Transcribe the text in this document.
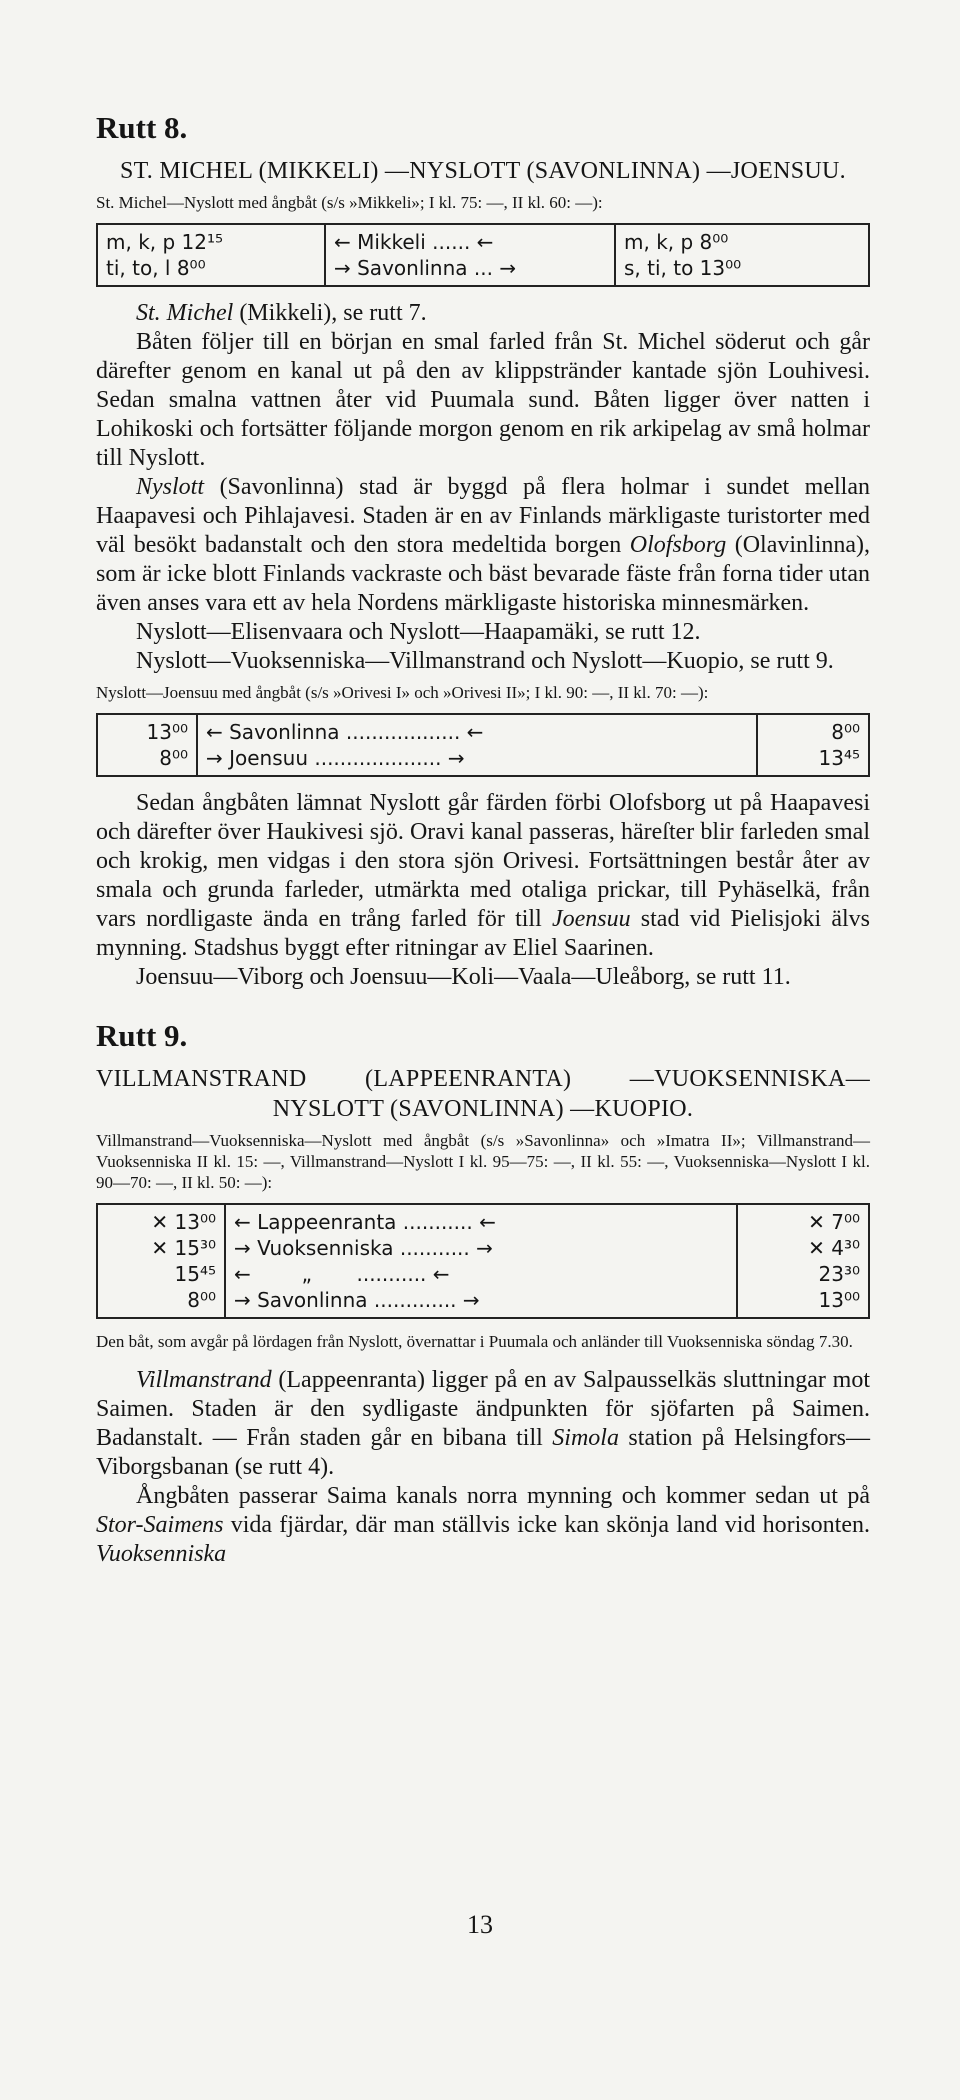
Rutt 8.
ST. MICHEL (MIKKELI) —NYSLOTT (SAVONLINNA) —JOENSUU.
St. Michel—Nyslott med ångbåt (s/s »Mikkeli»; I kl. 75: —, II kl. 60: —):
m, k, p 12¹⁵
ti, to, l 8⁰⁰
← Mikkeli ...... ←
→ Savonlinna ... →
m, k, p 8⁰⁰
s, ti, to 13⁰⁰

St. Michel (Mikkeli), se rutt 7.

Båten följer till en början en smal farled från St. Michel söderut och går därefter genom en kanal ut på den av klippstränder kantade sjön Louhivesi. Sedan smalna vattnen åter vid Puumala sund. Båten ligger över natten i Lohikoski och fortsätter följande morgon genom en rik arkipelag av små holmar till Nyslott.

Nyslott (Savonlinna) stad är byggd på flera holmar i sundet mellan Haapavesi och Pihlajavesi. Staden är en av Finlands märkligaste turistorter med väl besökt badanstalt och den stora medeltida borgen Olofsborg (Olavinlinna), som är icke blott Finlands vackraste och bäst bevarade fäste från forna tider utan även anses vara ett av hela Nordens märkligaste historiska minnesmärken.

Nyslott—Elisenvaara och Nyslott—Haapamäki, se rutt 12.

Nyslott—Vuoksenniska—Villmanstrand och Nyslott—Kuopio, se rutt 9.

Nyslott—Joensuu med ångbåt (s/s »Orivesi I» och »Orivesi II»; I kl. 90: —, II kl. 70: —):
13⁰⁰
8⁰⁰
← Savonlinna .................. ←
→ Joensuu .................... →
8⁰⁰
13⁴⁵

Sedan ångbåten lämnat Nyslott går färden förbi Olofsborg ut på Haapavesi och därefter över Haukivesi sjö. Oravi kanal passeras, häreſter blir farleden smal och krokig, men vidgas i den stora sjön Orivesi. Fortsättningen består åter av smala och grunda farleder, utmärkta med otaliga prickar, till Pyhäselkä, från vars nordligaste ända en trång farled för till Joensuu stad vid Pielisjoki älvs mynning. Stadshus byggt efter ritningar av Eliel Saarinen.

Joensuu—Viborg och Joensuu—Koli—Vaala—Uleåborg, se rutt 11.

Rutt 9.
VILLMANSTRAND (LAPPEENRANTA) —VUOKSENNISKA—NYSLOTT (SAVONLINNA) —KUOPIO.
Villmanstrand—Vuoksenniska—Nyslott med ångbåt (s/s »Savonlinna» och »Imatra II»; Villmanstrand—Vuoksenniska II kl. 15: —, Villmanstrand—Nyslott I kl. 95—75: —, II kl. 55: —, Vuoksenniska—Nyslott I kl. 90—70: —, II kl. 50: —):
✕ 13⁰⁰
✕ 15³⁰
15⁴⁵
8⁰⁰
← Lappeenranta ........... ←
→ Vuoksenniska ........... →
←        „       ........... ←
→ Savonlinna ............. →
✕ 7⁰⁰
✕ 4³⁰
23³⁰
13⁰⁰

Den båt, som avgår på lördagen från Nyslott, övernattar i Puumala och anländer till Vuoksenniska söndag 7.30.

Villmanstrand (Lappeenranta) ligger på en av Salpausselkäs sluttningar mot Saimen. Staden är den sydligaste ändpunkten för sjöfarten på Saimen. Badanstalt. — Från staden går en bibana till Simola station på Helsingfors—Viborgsbanan (se rutt 4).

Ångbåten passerar Saima kanals norra mynning och kommer sedan ut på Stor-Saimens vida fjärdar, där man ställvis icke kan skönja land vid horisonten. Vuoksenniska

13
